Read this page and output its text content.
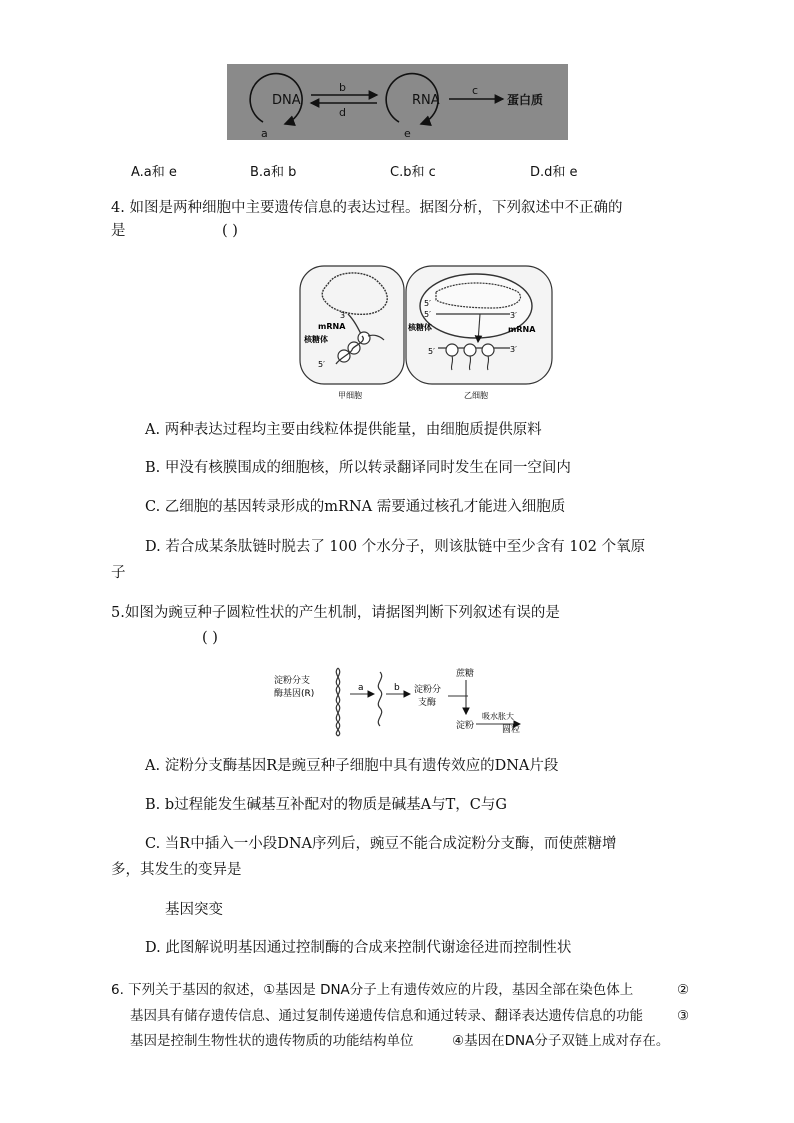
DNA
a
b
d
RNA
e
c
蛋白质
A.a和 e	B.a和 b	C.b和 c	D.d和 e
4. 如图是两种细胞中主要遗传信息的表达过程。据图分析，下列叙述中不正确的
是	( )
3′
mRNA
核糖体
5′
甲细胞
5′
5′	3′
核糖体	mRNA
5′	3′
乙细胞
A. 两种表达过程均主要由线粒体提供能量，由细胞质提供原料
B. 甲没有核膜围成的细胞核，所以转录翻译同时发生在同一空间内
C. 乙细胞的基因转录形成的mRNA 需要通过核孔才能进入细胞质
D. 若合成某条肽链时脱去了 100 个水分子，则该肽链中至少含有 102 个氧原
子
5.如图为豌豆种子圆粒性状的产生机制，请据图判断下列叙述有误的是
( )
淀粉分支
酶基因(R)
a	b 淀粉分
支酶
蔗糖
淀粉
吸水胀大
圆粒
A. 淀粉分支酶基因R是豌豆种子细胞中具有遗传效应的DNA片段
B. b过程能发生碱基互补配对的物质是碱基A与T，C与G
C. 当R中插入一小段DNA序列后，豌豆不能合成淀粉分支酶，而使蔗糖增
多，其发生的变异是
基因突变
D. 此图解说明基因通过控制酶的合成来控制代谢途径进而控制性状
6. 下列关于基因的叙述，①基因是 DNA分子上有遗传效应的片段，基因全部在染色体上	②
基因具有储存遗传信息、通过复制传递遗传信息和通过转录、翻译表达遗传信息的功能	③
基因是控制生物性状的遗传物质的功能结构单位	④基因在DNA分子双链上成对存在。
